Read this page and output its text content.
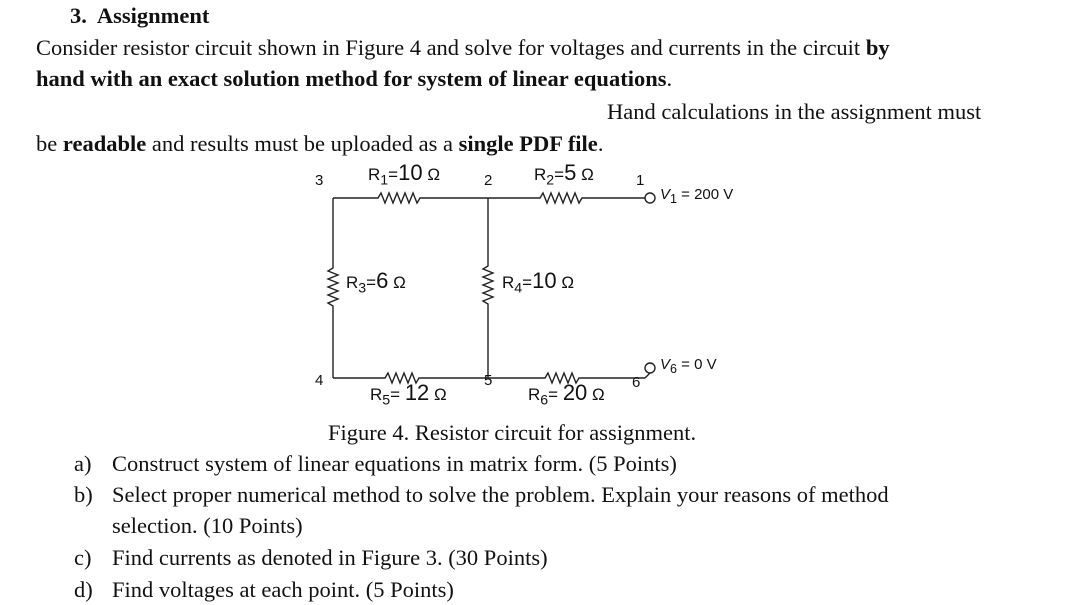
3. Assignment
Consider resistor circuit shown in Figure 4 and solve for voltages and currents in the circuit by
hand with an exact solution method for system of linear equations.
Hand calculations in the assignment must
be readable and results must be uploaded as a single PDF file.
3	2	1
4	5	6
$R_1=10$ Ω	$R_2=5$ Ω
$R_3=6$ Ω	$R_4=10$ Ω
$R_5= 12$ Ω	$R_6= 20$ Ω
$V_1 = 200$ V
$V_6 = 0$ V
Figure 4. Resistor circuit for assignment.
a) Construct system of linear equations in matrix form. (5 Points)
b) Select proper numerical method to solve the problem. Explain your reasons of method
selection. (10 Points)
c) Find currents as denoted in Figure 3. (30 Points)
d) Find voltages at each point. (5 Points)
